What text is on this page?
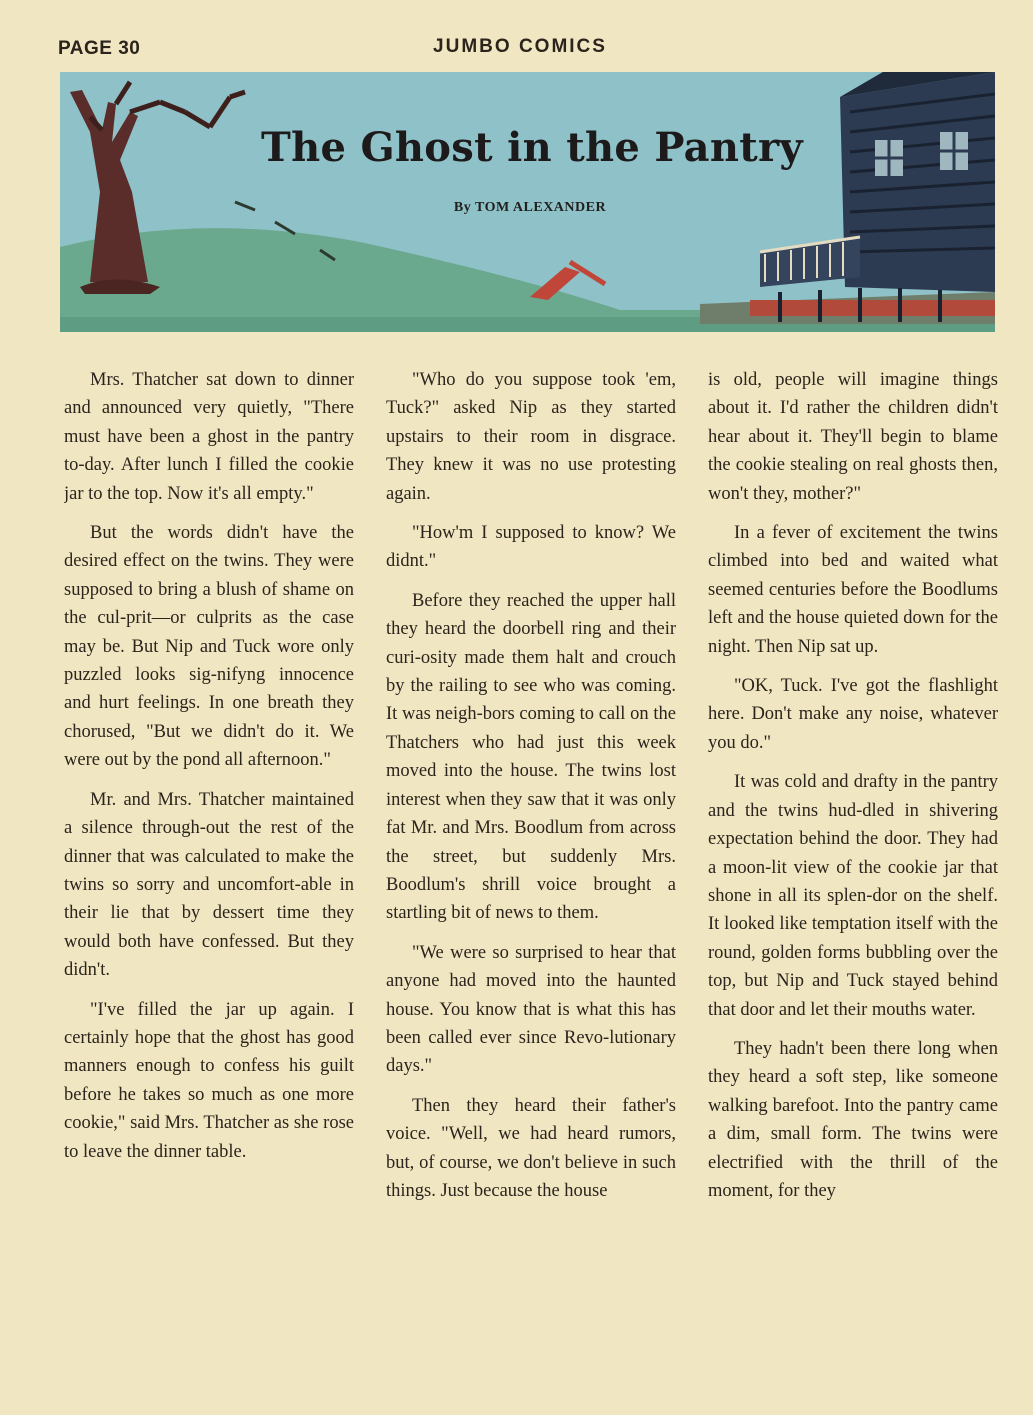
PAGE 30	JUMBO COMICS
The Ghost in the Pantry
By TOM ALEXANDER

Mrs. Thatcher sat down to dinner and announced very quietly, "There must have been a ghost in the pantry to-day. After lunch I filled the cookie jar to the top. Now it's all empty."

But the words didn't have the desired effect on the twins. They were supposed to bring a blush of shame on the cul-prit—or culprits as the case may be. But Nip and Tuck wore only puzzled looks sig-nifyng innocence and hurt feelings. In one breath they chorused, "But we didn't do it. We were out by the pond all afternoon."

Mr. and Mrs. Thatcher maintained a silence through-out the rest of the dinner that was calculated to make the twins so sorry and uncomfort-able in their lie that by dessert time they would both have confessed. But they didn't.

"I've filled the jar up again. I certainly hope that the ghost has good manners enough to confess his guilt before he takes so much as one more cookie," said Mrs. Thatcher as she rose to leave the dinner table.

"Who do you suppose took 'em, Tuck?" asked Nip as they started upstairs to their room in disgrace. They knew it was no use protesting again.

"How'm I supposed to know? We didnt."

Before they reached the upper hall they heard the doorbell ring and their curi-osity made them halt and crouch by the railing to see who was coming. It was neigh-bors coming to call on the Thatchers who had just this week moved into the house. The twins lost interest when they saw that it was only fat Mr. and Mrs. Boodlum from across the street, but suddenly Mrs. Boodlum's shrill voice brought a startling bit of news to them.

"We were so surprised to hear that anyone had moved into the haunted house. You know that is what this has been called ever since Revo-lutionary days."

Then they heard their father's voice. "Well, we had heard rumors, but, of course, we don't believe in such things. Just because the house

is old, people will imagine things about it. I'd rather the children didn't hear about it. They'll begin to blame the cookie stealing on real ghosts then, won't they, mother?"

In a fever of excitement the twins climbed into bed and waited what seemed centuries before the Boodlums left and the house quieted down for the night. Then Nip sat up.

"OK, Tuck. I've got the flashlight here. Don't make any noise, whatever you do."

It was cold and drafty in the pantry and the twins hud-dled in shivering expectation behind the door. They had a moon-lit view of the cookie jar that shone in all its splen-dor on the shelf. It looked like temptation itself with the round, golden forms bubbling over the top, but Nip and Tuck stayed behind that door and let their mouths water.

They hadn't been there long when they heard a soft step, like someone walking barefoot. Into the pantry came a dim, small form. The twins were electrified with the thrill of the moment, for they
